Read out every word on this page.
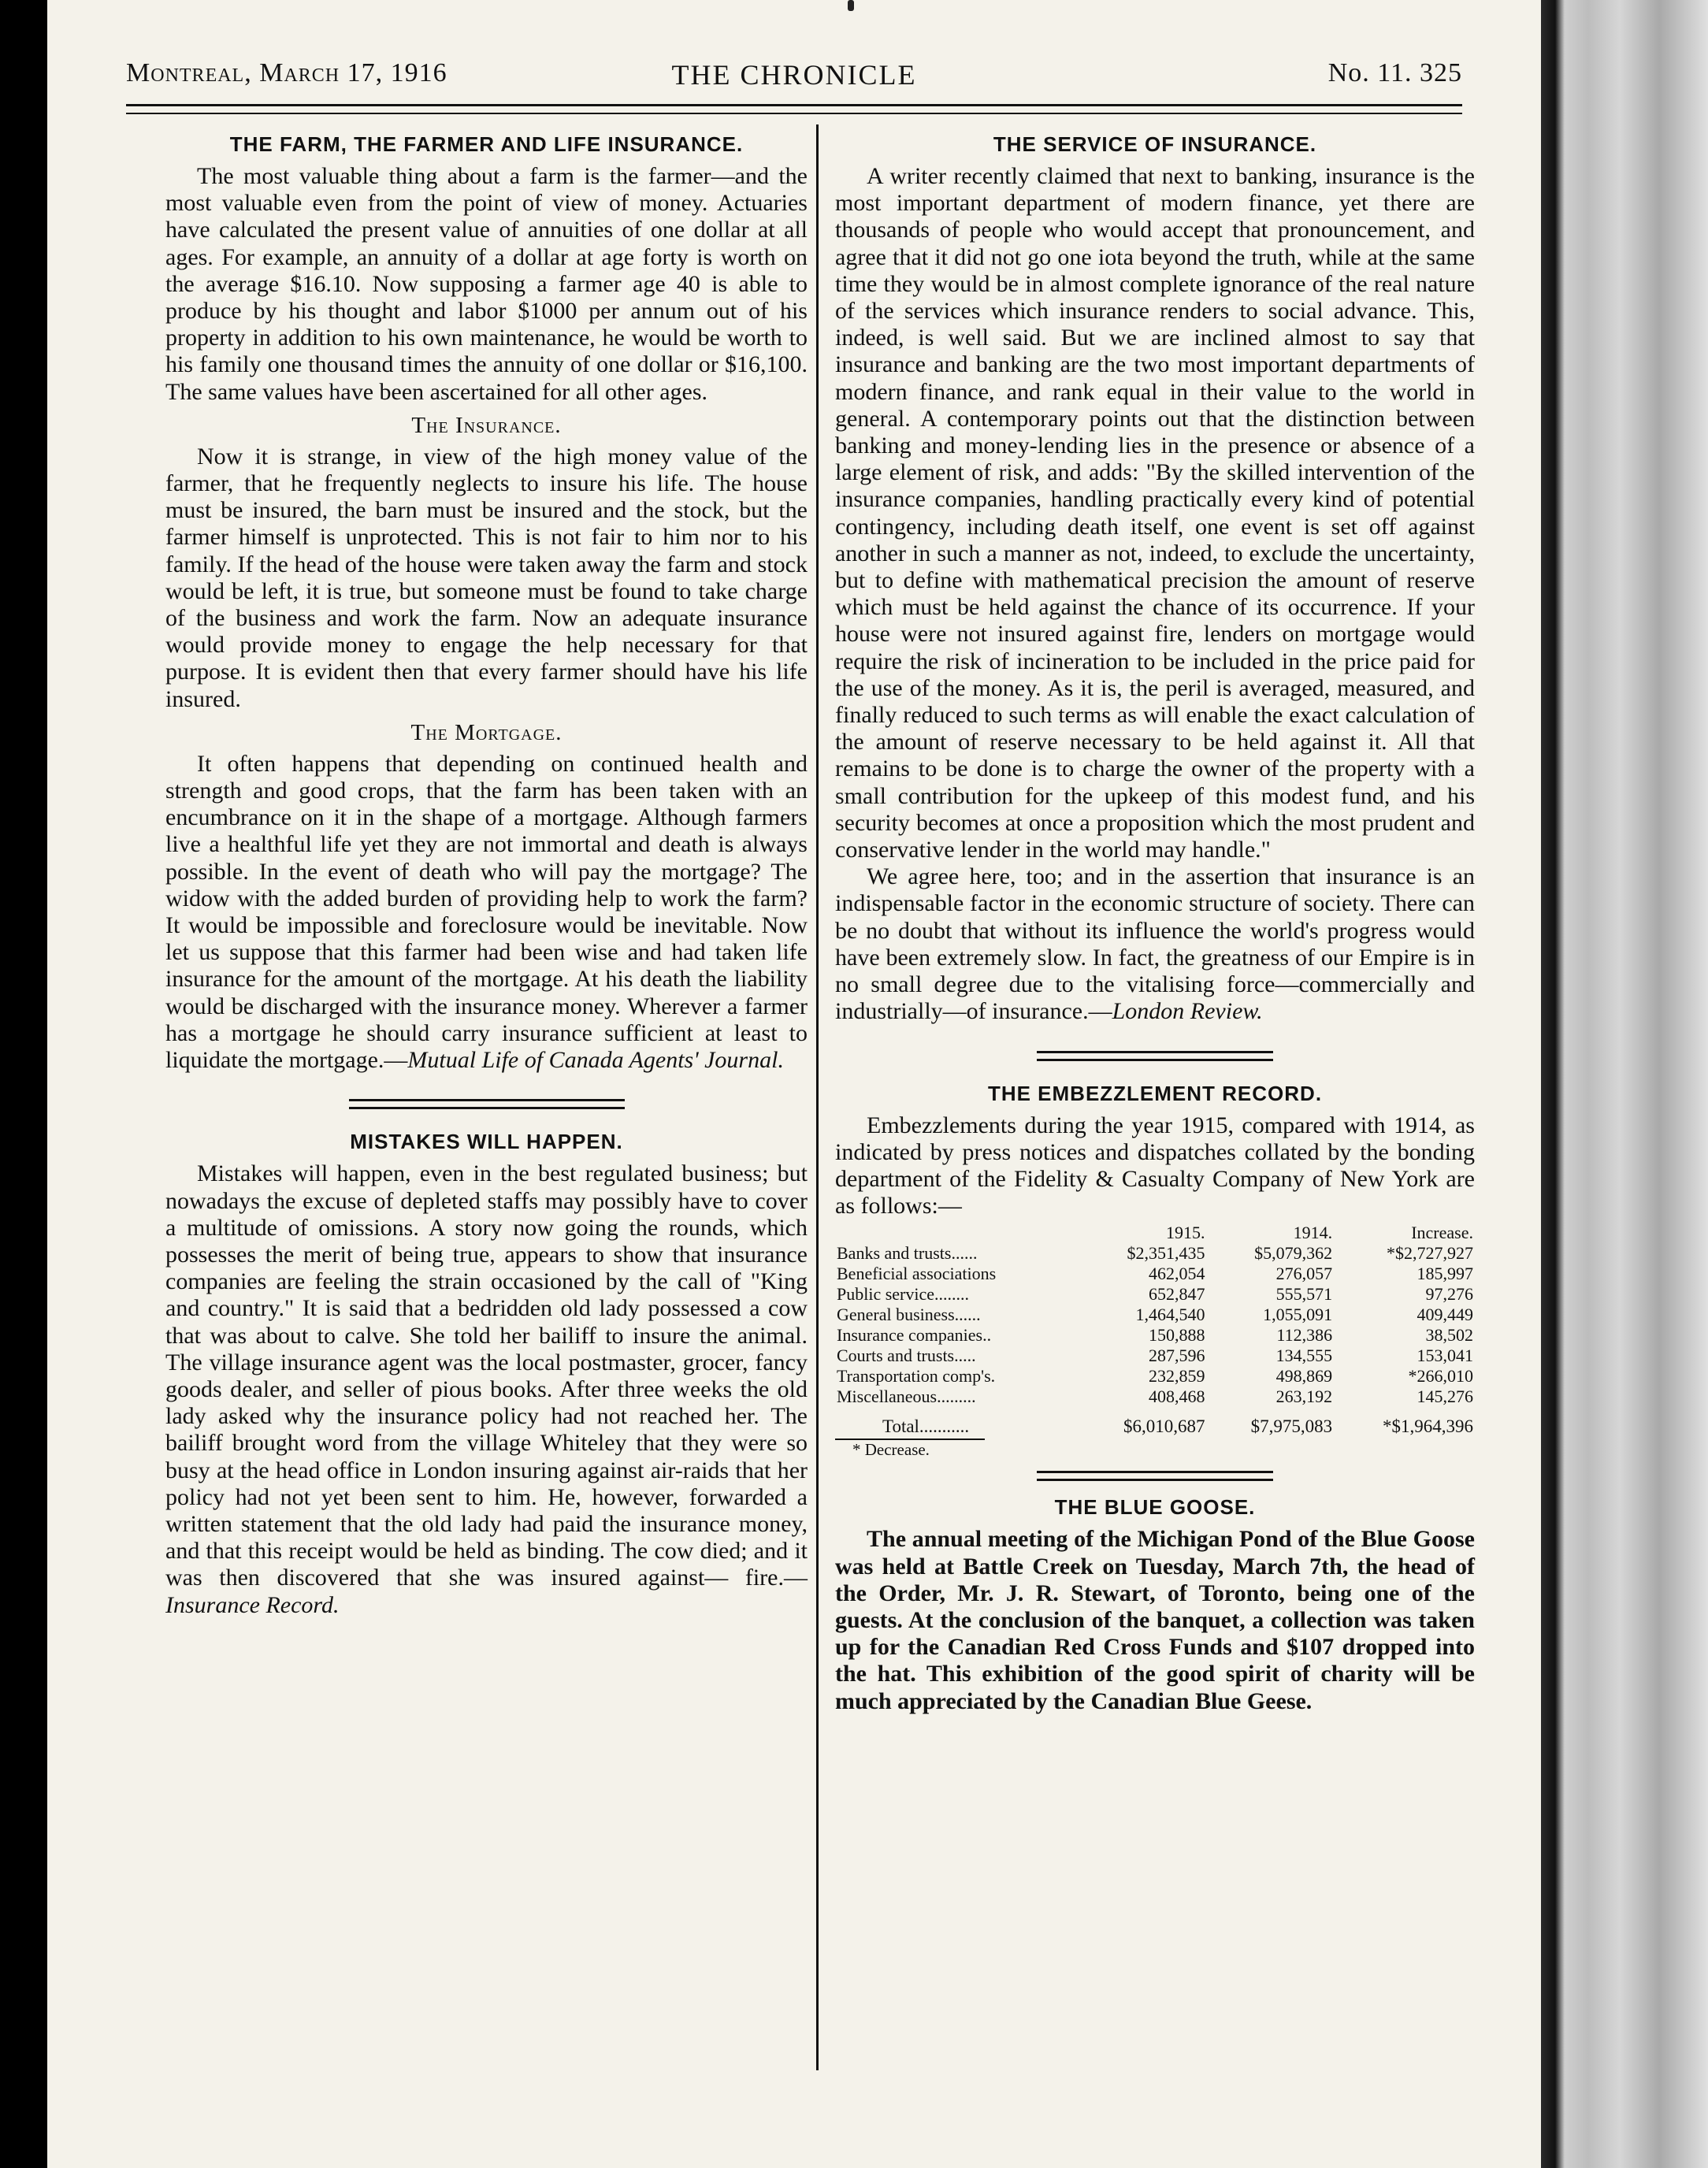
Montreal, March 17, 1916	THE CHRONICLE	No. 11. 325
THE FARM, THE FARMER AND LIFE INSURANCE.

The most valuable thing about a farm is the farmer—and the most valuable even from the point of view of money. Actuaries have calculated the present value of annuities of one dollar at all ages. For example, an annuity of a dollar at age forty is worth on the average $16.10. Now supposing a farmer age 40 is able to produce by his thought and labor $1000 per annum out of his property in addition to his own maintenance, he would be worth to his family one thousand times the annuity of one dollar or $16,100. The same values have been ascertained for all other ages.

The Insurance.

Now it is strange, in view of the high money value of the farmer, that he frequently neglects to insure his life. The house must be insured, the barn must be insured and the stock, but the farmer himself is unprotected. This is not fair to him nor to his family. If the head of the house were taken away the farm and stock would be left, it is true, but someone must be found to take charge of the business and work the farm. Now an adequate insurance would provide money to engage the help necessary for that purpose. It is evident then that every farmer should have his life insured.

The Mortgage.

It often happens that depending on continued health and strength and good crops, that the farm has been taken with an encumbrance on it in the shape of a mortgage. Although farmers live a healthful life yet they are not immortal and death is always possible. In the event of death who will pay the mortgage? The widow with the added burden of providing help to work the farm? It would be impossible and foreclosure would be inevitable. Now let us suppose that this farmer had been wise and had taken life insurance for the amount of the mortgage. At his death the liability would be discharged with the insurance money. Wherever a farmer has a mortgage he should carry insurance sufficient at least to liquidate the mortgage.—Mutual Life of Canada Agents' Journal.

MISTAKES WILL HAPPEN.

Mistakes will happen, even in the best regulated business; but nowadays the excuse of depleted staffs may possibly have to cover a multitude of omissions. A story now going the rounds, which possesses the merit of being true, appears to show that insurance companies are feeling the strain occasioned by the call of "King and country." It is said that a bedridden old lady possessed a cow that was about to calve. She told her bailiff to insure the animal. The village insurance agent was the local postmaster, grocer, fancy goods dealer, and seller of pious books. After three weeks the old lady asked why the insurance policy had not reached her. The bailiff brought word from the village Whiteley that they were so busy at the head office in London insuring against air-raids that her policy had not yet been sent to him. He, however, forwarded a written statement that the old lady had paid the insurance money, and that this receipt would be held as binding. The cow died; and it was then discovered that she was insured against— fire.—Insurance Record.

THE SERVICE OF INSURANCE.

A writer recently claimed that next to banking, insurance is the most important department of modern finance, yet there are thousands of people who would accept that pronouncement, and agree that it did not go one iota beyond the truth, while at the same time they would be in almost complete ignorance of the real nature of the services which insurance renders to social advance. This, indeed, is well said. But we are inclined almost to say that insurance and banking are the two most important departments of modern finance, and rank equal in their value to the world in general. A contemporary points out that the distinction between banking and money-lending lies in the presence or absence of a large element of risk, and adds: "By the skilled intervention of the insurance companies, handling practically every kind of potential contingency, including death itself, one event is set off against another in such a manner as not, indeed, to exclude the uncertainty, but to define with mathematical precision the amount of reserve which must be held against the chance of its occurrence. If your house were not insured against fire, lenders on mortgage would require the risk of incineration to be included in the price paid for the use of the money. As it is, the peril is averaged, measured, and finally reduced to such terms as will enable the exact calculation of the amount of reserve necessary to be held against it. All that remains to be done is to charge the owner of the property with a small contribution for the upkeep of this modest fund, and his security becomes at once a proposition which the most prudent and conservative lender in the world may handle."

We agree here, too; and in the assertion that insurance is an indispensable factor in the economic structure of society. There can be no doubt that without its influence the world's progress would have been extremely slow. In fact, the greatness of our Empire is in no small degree due to the vitalising force—commercially and industrially—of insurance.—London Review.

THE EMBEZZLEMENT RECORD.

Embezzlements during the year 1915, compared with 1914, as indicated by press notices and dispatches collated by the bonding department of the Fidelity & Casualty Company of New York are as follows:—

	1915.	1914.	Increase.
Banks and trusts......	$2,351,435	$5,079,362	*$2,727,927
Beneficial associations	462,054	276,057	185,997
Public service........	652,847	555,571	97,276
General business......	1,464,540	1,055,091	409,449
Insurance companies..	150,888	112,386	38,502
Courts and trusts.....	287,596	134,555	153,041
Transportation comp's.	232,859	498,869	*266,010
Miscellaneous.........	408,468	263,192	145,276
Total...........	$6,010,687	$7,975,083	*$1,964,396
* Decrease.
THE BLUE GOOSE.

The annual meeting of the Michigan Pond of the Blue Goose was held at Battle Creek on Tuesday, March 7th, the head of the Order, Mr. J. R. Stewart, of Toronto, being one of the guests. At the conclusion of the banquet, a collection was taken up for the Canadian Red Cross Funds and $107 dropped into the hat. This exhibition of the good spirit of charity will be much appreciated by the Canadian Blue Geese.
